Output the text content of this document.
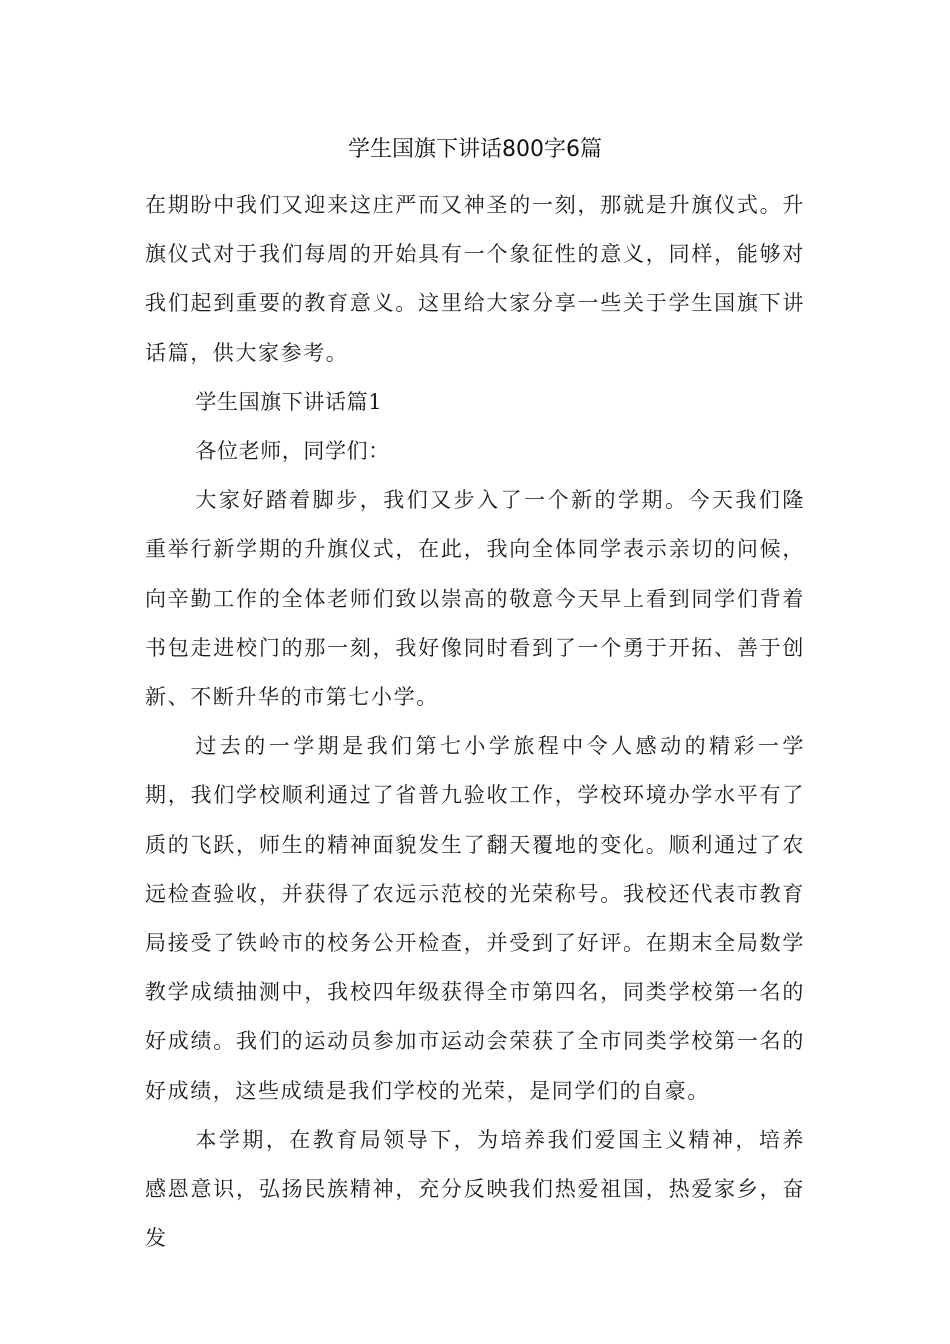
学生国旗下讲话800字6篇

在期盼中我们又迎来这庄严而又神圣的一刻，那就是升旗仪式。升旗仪式对于我们每周的开始具有一个象征性的意义，同样，能够对我们起到重要的教育意义。这里给大家分享一些关于学生国旗下讲话篇，供大家参考。

学生国旗下讲话篇1

各位老师，同学们：

大家好踏着脚步，我们又步入了一个新的学期。今天我们隆重举行新学期的升旗仪式，在此，我向全体同学表示亲切的问候，向辛勤工作的全体老师们致以崇高的敬意今天早上看到同学们背着书包走进校门的那一刻，我好像同时看到了一个勇于开拓、善于创新、不断升华的市第七小学。

过去的一学期是我们第七小学旅程中令人感动的精彩一学期，我们学校顺利通过了省普九验收工作，学校环境办学水平有了质的飞跃，师生的精神面貌发生了翻天覆地的变化。顺利通过了农远检查验收，并获得了农远示范校的光荣称号。我校还代表市教育局接受了铁岭市的校务公开检查，并受到了好评。在期末全局数学教学成绩抽测中，我校四年级获得全市第四名，同类学校第一名的好成绩。我们的运动员参加市运动会荣获了全市同类学校第一名的好成绩，这些成绩是我们学校的光荣，是同学们的自豪。

本学期，在教育局领导下，为培养我们爱国主义精神，培养感恩意识，弘扬民族精神，充分反映我们热爱祖国，热爱家乡，奋发
